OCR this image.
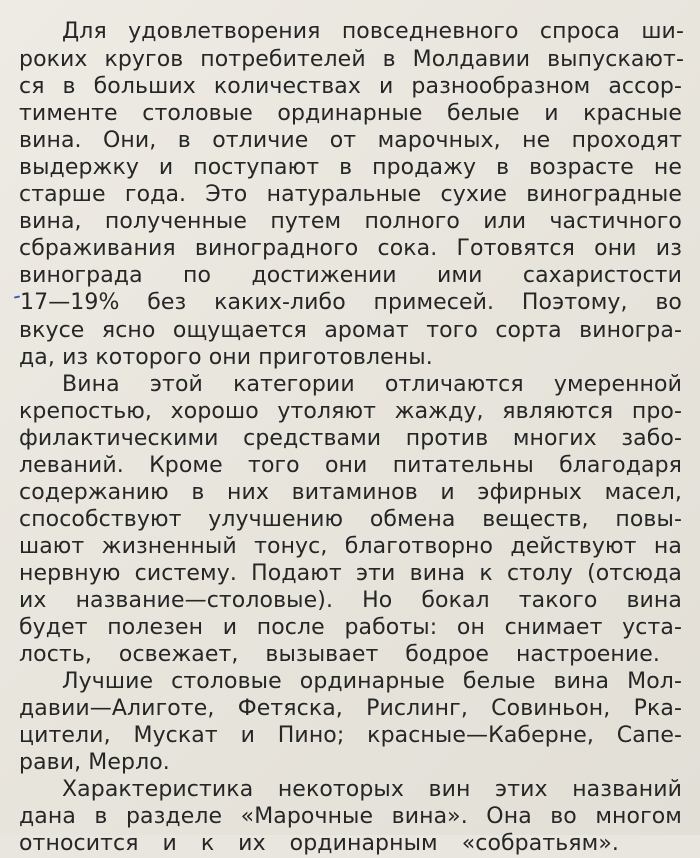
Для удовлетворения повседневного спроса ши-
роких кругов потребителей в Молдавии выпускают-
ся в больших количествах и разнообразном ассор-
тименте столовые ординарные белые и красные
вина. Они, в отличие от марочных, не проходят
выдержку и поступают в продажу в возрасте не
старше года. Это натуральные сухие виноградные
вина, полученные путем полного или частичного
сбраживания виноградного сока. Готовятся они из
винограда по достижении ими сахаристости
17—19% без каких-либо примесей. Поэтому, во
вкусе ясно ощущается аромат того сорта виногра-
да, из которого они приготовлены.
Вина этой категории отличаются умеренной
крепостью, хорошо утоляют жажду, являются про-
филактическими средствами против многих забо-
леваний. Кроме того они питательны благодаря
содержанию в них витаминов и эфирных масел,
способствуют улучшению обмена веществ, повы-
шают жизненный тонус, благотворно действуют на
нервную систему. Подают эти вина к столу (отсюда
их название—столовые). Но бокал такого вина
будет полезен и после работы: он снимает уста-
лость, освежает, вызывает бодрое настроение.
Лучшие столовые ординарные белые вина Мол-
давии—Алиготе, Фетяска, Рислинг, Совиньон, Рка-
цители, Мускат и Пино; красные—Каберне, Сапе-
рави, Мерло.
Характеристика некоторых вин этих названий
дана в разделе «Марочные вина». Она во многом
относится и к их ординарным «собратьям».
